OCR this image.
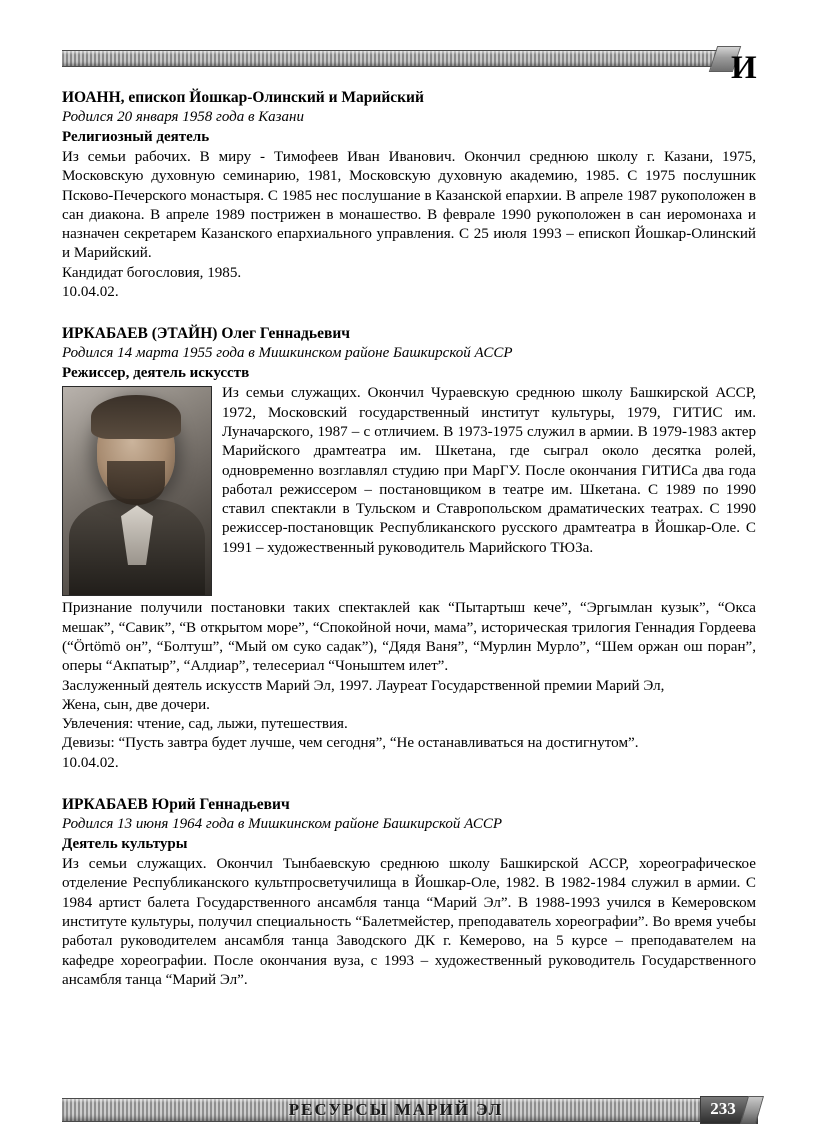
И

ИОАНН, епископ Йошкар-Олинский и Марийский

Родился 20 января 1958 года в Казани

Религиозный деятель

Из семьи рабочих. В миру - Тимофеев Иван Иванович. Окончил среднюю школу г. Казани, 1975, Московскую духовную семинарию, 1981, Московскую духовную академию, 1985. С 1975 послушник Псково-Печерского монастыря. С 1985 нес послушание в Казанской епархии. В апреле 1987 рукоположен в сан диакона. В апреле 1989 пострижен в монашество. В феврале 1990 рукоположен в сан иеромонаха и назначен секретарем Казанского епархиального управления. С 25 июля 1993 – епископ Йошкар-Олинский и Марийский.

Кандидат богословия, 1985.

10.04.02.

ИРКАБАЕВ (ЭТАЙН) Олег Геннадьевич

Родился 14 марта 1955 года в Мишкинском районе Башкирской АССР

Режиссер, деятель искусств

Из семьи служащих. Окончил Чураевскую среднюю школу Башкирской АССР, 1972, Московский государственный институт культуры, 1979, ГИТИС им. Луначарского, 1987 – с отличием. В 1973-1975 служил в армии. В 1979-1983 актер Марийского драмтеатра им. Шкетана, где сыграл около десятка ролей, одновременно возглавлял студию при МарГУ. После окончания ГИТИСа два года работал режиссером – постановщиком в театре им. Шкетана. С 1989 по 1990 ставил спектакли в Тульском и Ставропольском драматических театрах. С 1990 режиссер-постановщик Республиканского русского драмтеатра в Йошкар-Оле. С 1991 – художественный руководитель Марийского ТЮЗа.

Признание получили постановки таких спектаклей как “Пытартыш кече”, “Эргымлан кузык”, “Окса мешак”, “Савик”, “В открытом море”, “Спокойной ночи, мама”, историческая трилогия Геннадия Гордеева (“Örtömö он”, “Болтуш”, “Мый ом суко садак”), “Дядя Ваня”, “Мурлин Мурло”, “Шем оржан ош поран”, оперы “Акпатыр”, “Алдиар”, телесериал “Чоныштем илет”.

Заслуженный деятель искусств Марий Эл, 1997. Лауреат Государственной премии Марий Эл,

Жена, сын, две дочери.

Увлечения: чтение, сад, лыжи, путешествия.

Девизы: “Пусть завтра будет лучше, чем сегодня”, “Не останавливаться на достигнутом”.

10.04.02.

ИРКАБАЕВ Юрий Геннадьевич

Родился 13 июня 1964 года в Мишкинском районе Башкирской АССР

Деятель культуры

Из семьи служащих. Окончил Тынбаевскую среднюю школу Башкирской АССР, хореографическое отделение Республиканского культпросветучилища в Йошкар-Оле, 1982. В 1982-1984 служил в армии. С 1984 артист балета Государственного ансамбля танца “Марий Эл”. В 1988-1993 учился в Кемеровском институте культуры, получил специальность “Балетмейстер, преподаватель хореографии”. Во время учебы работал руководителем ансамбля танца Заводского ДК г. Кемерово, на 5 курсе – преподавателем на кафедре хореографии. После окончания вуза, с 1993 – художественный руководитель Государственного ансамбля танца “Марий Эл”.

РЕСУРСЫ МАРИЙ ЭЛ	233
